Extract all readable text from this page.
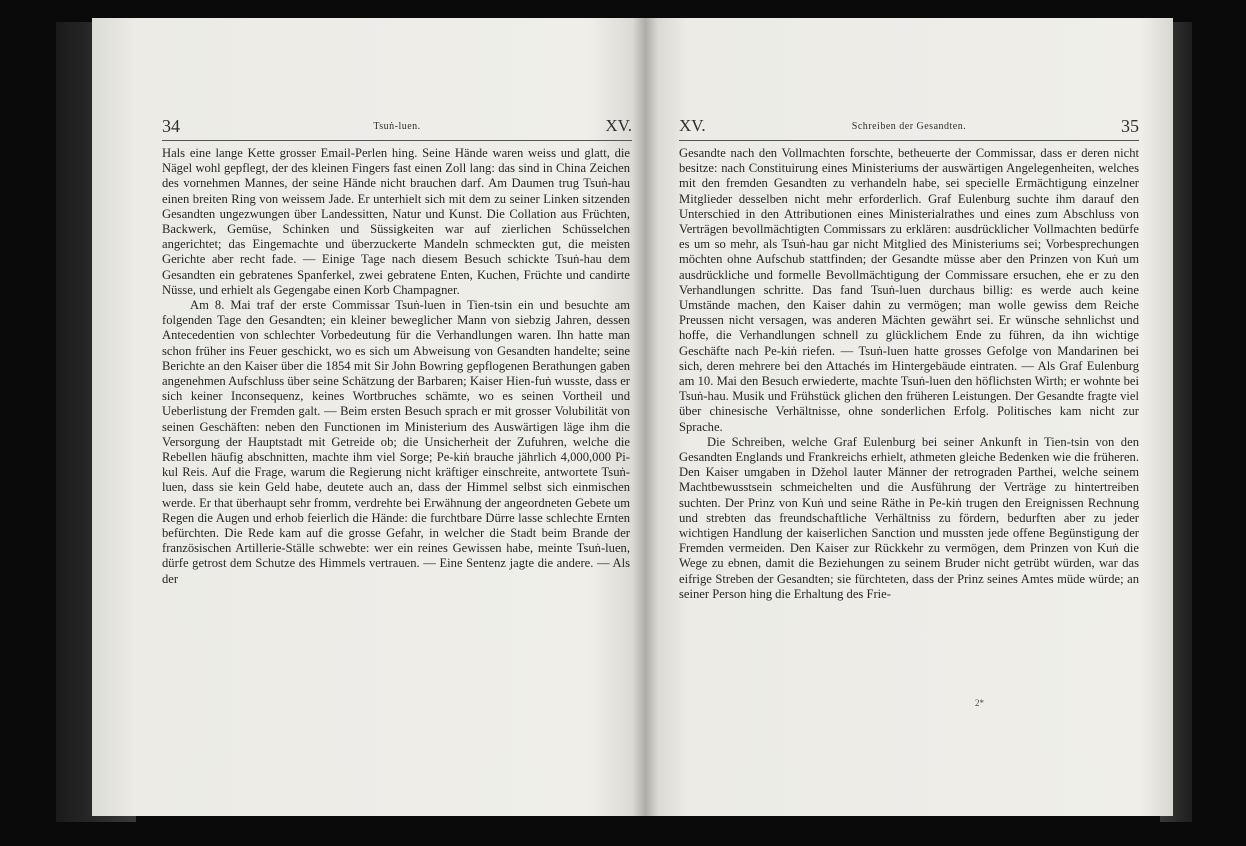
34	Tsuṅ-luen.	XV.

Hals eine lange Kette grosser Email-Perlen hing. Seine Hände waren weiss und glatt, die Nägel wohl gepflegt, der des kleinen Fingers fast einen Zoll lang: das sind in China Zeichen des vornehmen Mannes, der seine Hände nicht brauchen darf. Am Daumen trug Tsuṅ-hau einen breiten Ring von weissem Jade. Er unterhielt sich mit dem zu seiner Linken sitzenden Gesandten ungezwungen über Landessitten, Natur und Kunst. Die Collation aus Früchten, Backwerk, Gemüse, Schinken und Süssigkeiten war auf zierlichen Schüsselchen angerichtet; das Eingemachte und überzuckerte Mandeln schmeckten gut, die meisten Gerichte aber recht fade. — Einige Tage nach diesem Besuch schickte Tsuṅ-hau dem Gesandten ein gebratenes Spanferkel, zwei gebratene Enten, Kuchen, Früchte und candirte Nüsse, und erhielt als Gegengabe einen Korb Champagner.

Am 8. Mai traf der erste Commissar Tsuṅ-luen in Tien-tsin ein und besuchte am folgenden Tage den Gesandten; ein kleiner beweglicher Mann von siebzig Jahren, dessen Antecedentien von schlechter Vorbedeutung für die Verhandlungen waren. Ihn hatte man schon früher ins Feuer geschickt, wo es sich um Abweisung von Gesandten handelte; seine Berichte an den Kaiser über die 1854 mit Sir John Bowring gepflogenen Berathungen gaben angenehmen Aufschluss über seine Schätzung der Barbaren; Kaiser Hien-fuṅ wusste, dass er sich keiner Inconsequenz, keines Wortbruches schämte, wo es seinen Vortheil und Ueberlistung der Fremden galt. — Beim ersten Besuch sprach er mit grosser Volubilität von seinen Geschäften: neben den Functionen im Ministerium des Auswärtigen läge ihm die Versorgung der Hauptstadt mit Getreide ob; die Unsicherheit der Zufuhren, welche die Rebellen häufig abschnitten, machte ihm viel Sorge; Pe-kiṅ brauche jährlich 4,000,000 Pi-kul Reis. Auf die Frage, warum die Regierung nicht kräftiger einschreite, antwortete Tsuṅ-luen, dass sie kein Geld habe, deutete auch an, dass der Himmel selbst sich einmischen werde. Er that überhaupt sehr fromm, verdrehte bei Erwähnung der angeordneten Gebete um Regen die Augen und erhob feierlich die Hände: die furchtbare Dürre lasse schlechte Ernten befürchten. Die Rede kam auf die grosse Gefahr, in welcher die Stadt beim Brande der französischen Artillerie-Ställe schwebte: wer ein reines Gewissen habe, meinte Tsuṅ-luen, dürfe getrost dem Schutze des Himmels vertrauen. — Eine Sentenz jagte die andere. — Als der

XV.	Schreiben der Gesandten.	35

Gesandte nach den Vollmachten forschte, betheuerte der Commissar, dass er deren nicht besitze: nach Constituirung eines Ministeriums der auswärtigen Angelegenheiten, welches mit den fremden Gesandten zu verhandeln habe, sei specielle Ermächtigung einzelner Mitglieder desselben nicht mehr erforderlich. Graf Eulenburg suchte ihm darauf den Unterschied in den Attributionen eines Ministerialrathes und eines zum Abschluss von Verträgen bevollmächtigten Commissars zu erklären: ausdrücklicher Vollmachten bedürfe es um so mehr, als Tsuṅ-hau gar nicht Mitglied des Ministeriums sei; Vorbesprechungen möchten ohne Aufschub stattfinden; der Gesandte müsse aber den Prinzen von Kuṅ um ausdrückliche und formelle Bevollmächtigung der Commissare ersuchen, ehe er zu den Verhandlungen schritte. Das fand Tsuṅ-luen durchaus billig: es werde auch keine Umstände machen, den Kaiser dahin zu vermögen; man wolle gewiss dem Reiche Preussen nicht versagen, was anderen Mächten gewährt sei. Er wünsche sehnlichst und hoffe, die Verhandlungen schnell zu glücklichem Ende zu führen, da ihn wichtige Geschäfte nach Pe-kiṅ riefen. — Tsuṅ-luen hatte grosses Gefolge von Mandarinen bei sich, deren mehrere bei den Attachés im Hintergebäude eintraten. — Als Graf Eulenburg am 10. Mai den Besuch erwiederte, machte Tsuṅ-luen den höflichsten Wirth; er wohnte bei Tsuṅ-hau. Musik und Frühstück glichen den früheren Leistungen. Der Gesandte fragte viel über chinesische Verhältnisse, ohne sonderlichen Erfolg. Politisches kam nicht zur Sprache.

Die Schreiben, welche Graf Eulenburg bei seiner Ankunft in Tien-tsin von den Gesandten Englands und Frankreichs erhielt, athmeten gleiche Bedenken wie die früheren. Den Kaiser umgaben in Džehol lauter Männer der retrograden Parthei, welche seinem Machtbewusstsein schmeichelten und die Ausführung der Verträge zu hintertreiben suchten. Der Prinz von Kuṅ und seine Räthe in Pe-kiṅ trugen den Ereignissen Rechnung und strebten das freundschaftliche Verhältniss zu fördern, bedurften aber zu jeder wichtigen Handlung der kaiserlichen Sanction und mussten jede offene Begünstigung der Fremden vermeiden. Den Kaiser zur Rückkehr zu vermögen, dem Prinzen von Kuṅ die Wege zu ebnen, damit die Beziehungen zu seinem Bruder nicht getrübt würden, war das eifrige Streben der Gesandten; sie fürchteten, dass der Prinz seines Amtes müde würde; an seiner Person hing die Erhaltung des Frie-

2*
